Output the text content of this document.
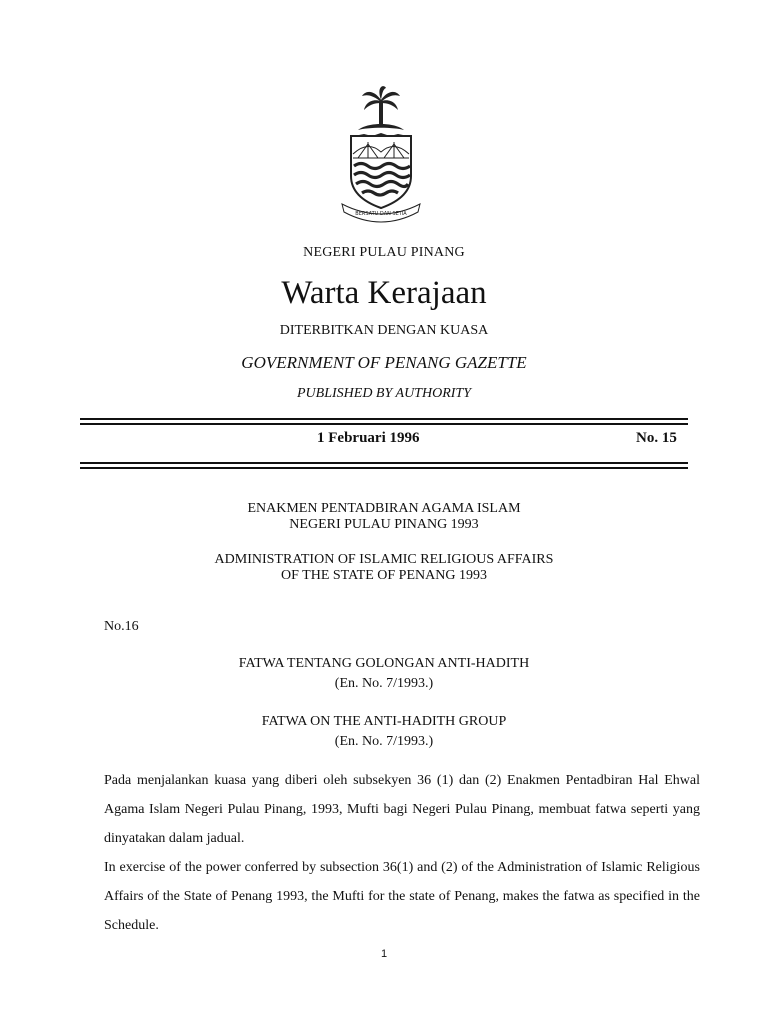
BERSATU DAN SETIA
NEGERI PULAU PINANG
Warta Kerajaan
DITERBITKAN DENGAN KUASA
GOVERNMENT OF PENANG GAZETTE
PUBLISHED BY AUTHORITY
1 Februari 1996	No. 15
ENAKMEN PENTADBIRAN AGAMA ISLAM
NEGERI PULAU PINANG 1993
ADMINISTRATION OF ISLAMIC RELIGIOUS AFFAIRS
OF THE STATE OF PENANG 1993
No.16
FATWA TENTANG GOLONGAN ANTI-HADITH
(En. No. 7/1993.)
FATWA ON THE ANTI-HADITH GROUP
(En. No. 7/1993.)
Pada menjalankan kuasa yang diberi oleh subsekyen 36 (1) dan (2) Enakmen Pentadbiran Hal Ehwal Agama Islam Negeri Pulau Pinang, 1993, Mufti bagi Negeri Pulau Pinang, membuat fatwa seperti yang dinyatakan dalam jadual.
In exercise of the power conferred by subsection 36(1) and (2) of the Administration of Islamic Religious Affairs of the State of Penang 1993, the Mufti for the state of Penang, makes the fatwa as specified in the Schedule.
1
